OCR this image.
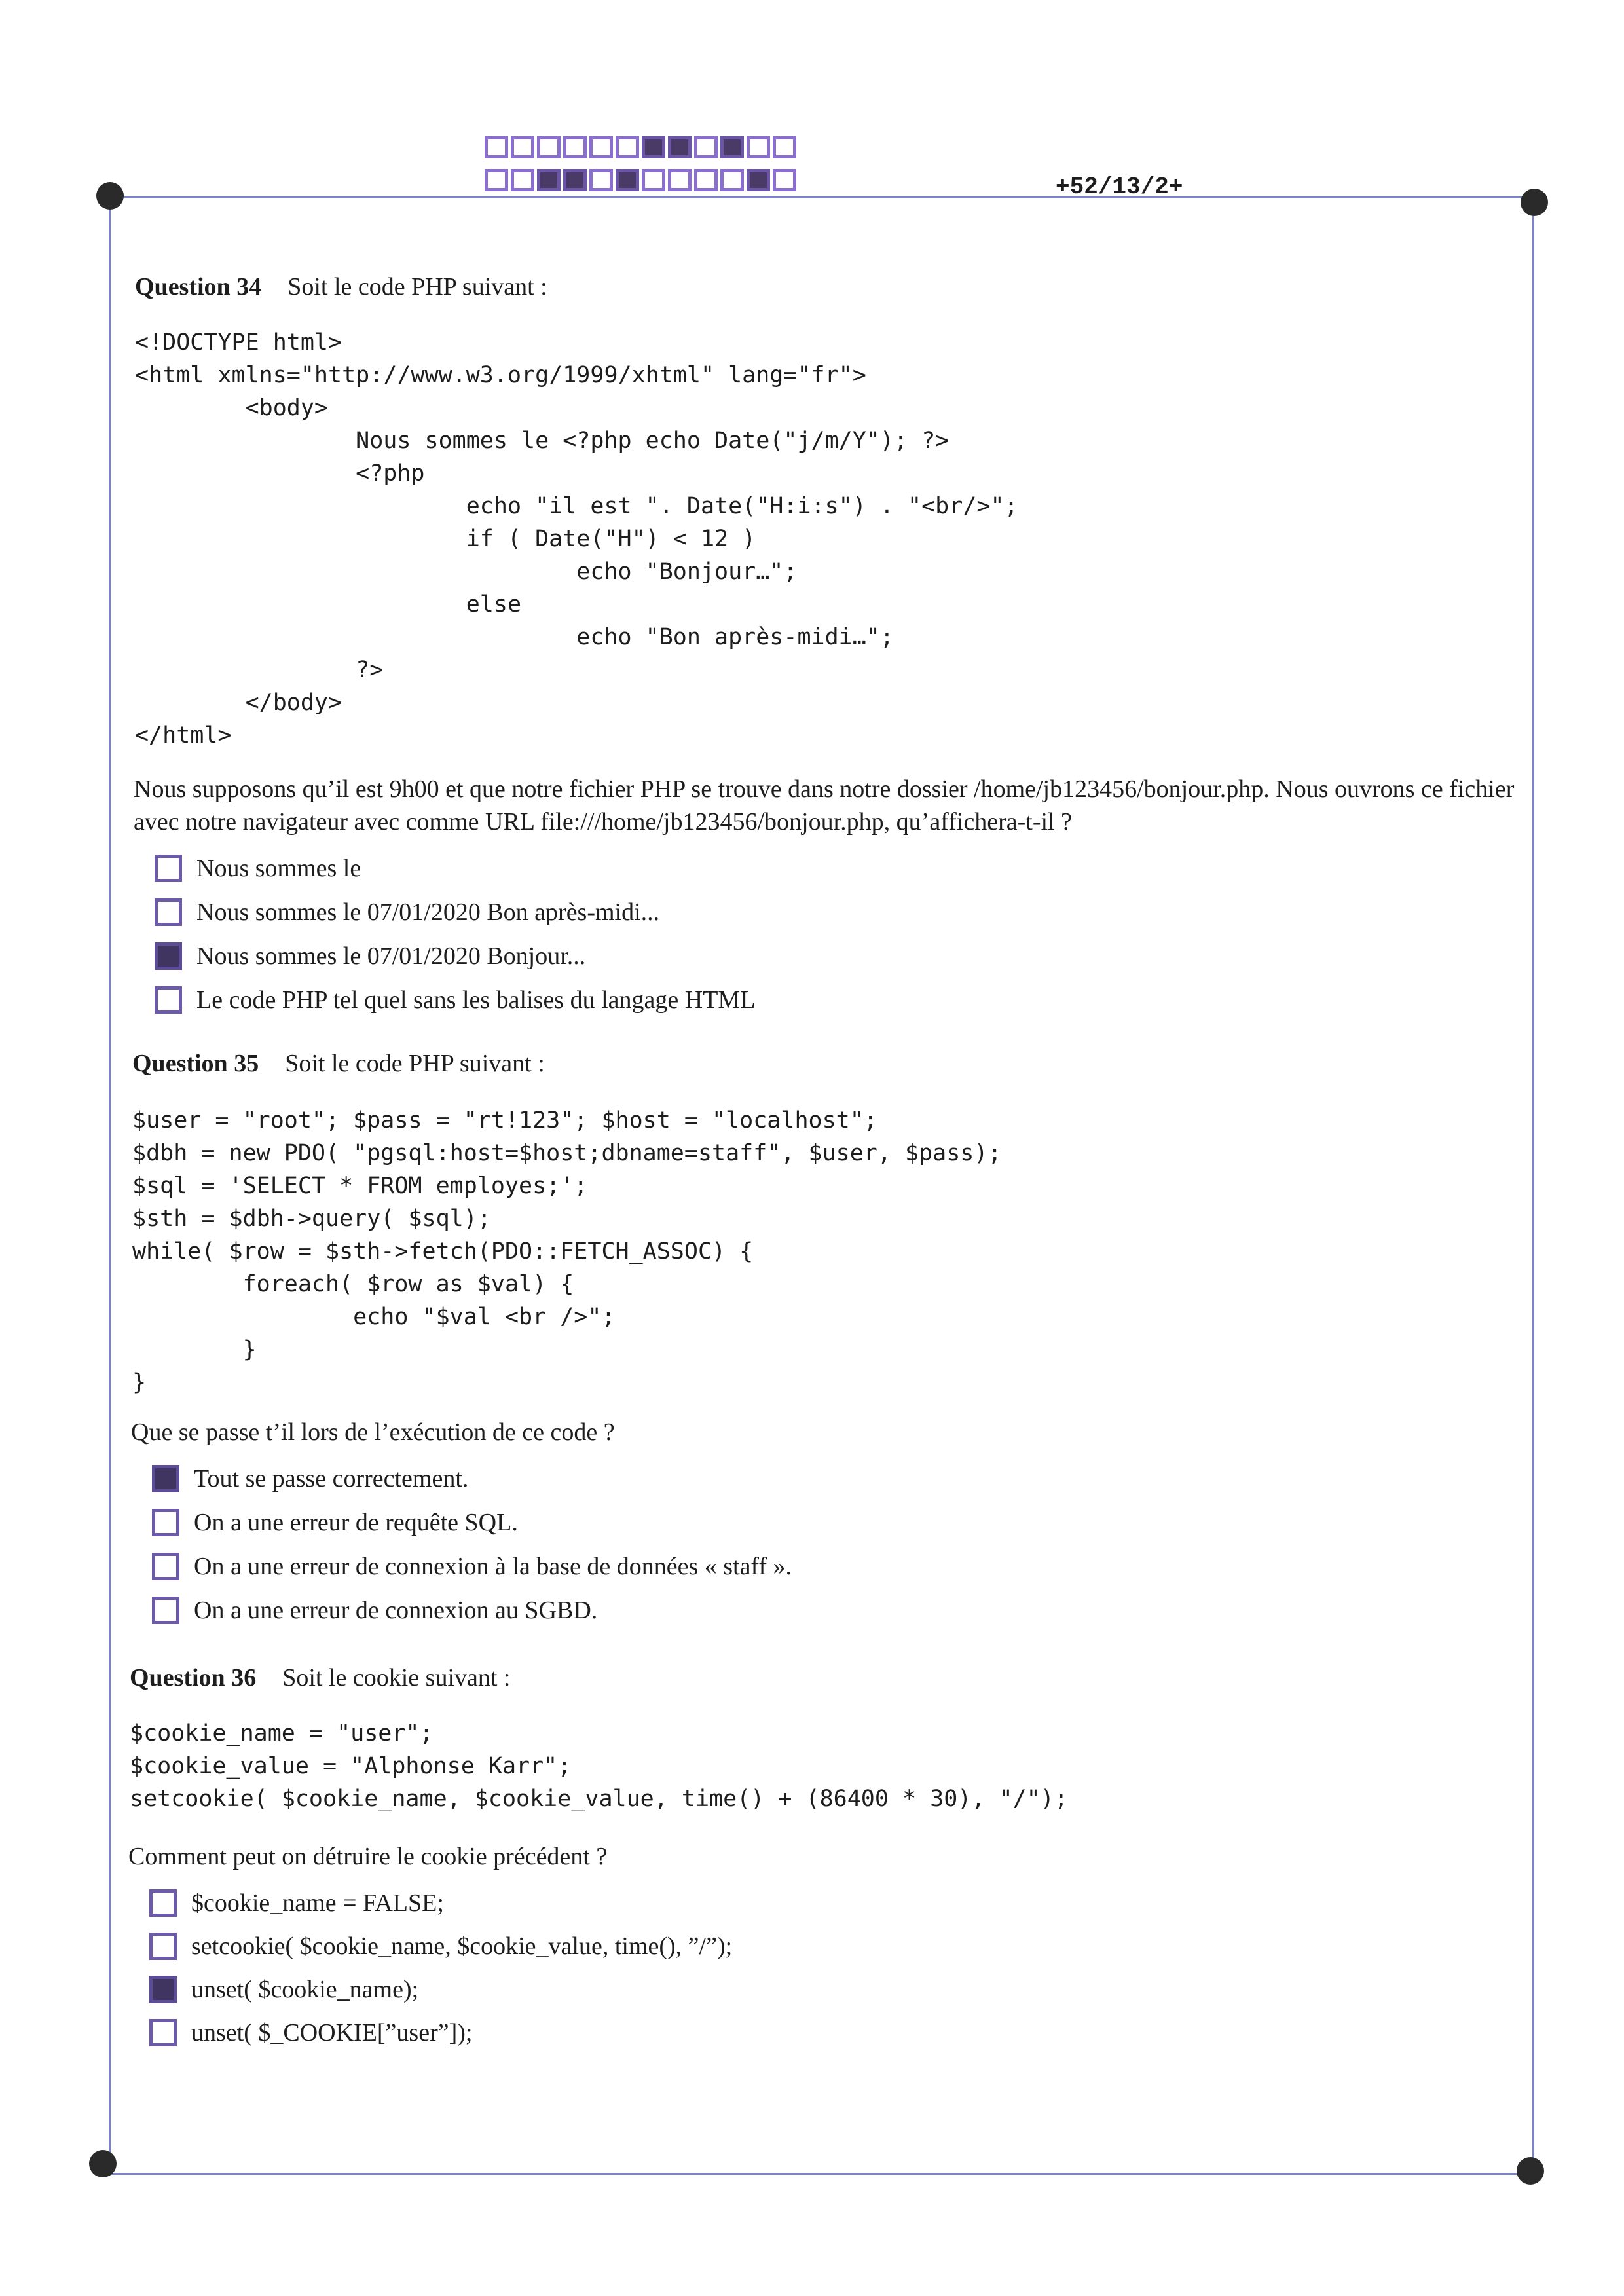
+52/13/2+
Question 34 Soit le code PHP suivant :
<!DOCTYPE html>
<html xmlns="http://www.w3.org/1999/xhtml" lang="fr">
<body>
Nous sommes le <?php echo Date("j/m/Y"); ?>
<?php
echo "il est ". Date("H:i:s") . "<br/>";
if ( Date("H") < 12 )
echo "Bonjour…";
else
echo "Bon après-midi…";
?>
</body>
</html>
Nous supposons qu’il est 9h00 et que notre fichier PHP se trouve dans notre dossier /home/jb123456/bonjour.php. Nous ouvrons ce fichier avec notre navigateur avec comme URL file:///home/jb123456/bonjour.php, qu’affichera-t-il ?
Nous sommes le
Nous sommes le 07/01/2020 Bon après-midi...
Nous sommes le 07/01/2020 Bonjour...
Le code PHP tel quel sans les balises du langage HTML
Question 35 Soit le code PHP suivant :
$user = "root"; $pass = "rt!123"; $host = "localhost";
$dbh = new PDO( "pgsql:host=$host;dbname=staff", $user, $pass);
$sql = 'SELECT * FROM employes;';
$sth = $dbh->query( $sql);
while( $row = $sth->fetch(PDO::FETCH_ASSOC) {
foreach( $row as $val) {
echo "$val <br />";
}
}
Que se passe t’il lors de l’exécution de ce code ?
Tout se passe correctement.
On a une erreur de requête SQL.
On a une erreur de connexion à la base de données « staff ».
On a une erreur de connexion au SGBD.
Question 36 Soit le cookie suivant :
$cookie_name = "user";
$cookie_value = "Alphonse Karr";
setcookie( $cookie_name, $cookie_value, time() + (86400 * 30), "/");
Comment peut on détruire le cookie précédent ?
$cookie_name = FALSE;
setcookie( $cookie_name, $cookie_value, time(), ”/”);
unset( $cookie_name);
unset( $_COOKIE[”user”]);
